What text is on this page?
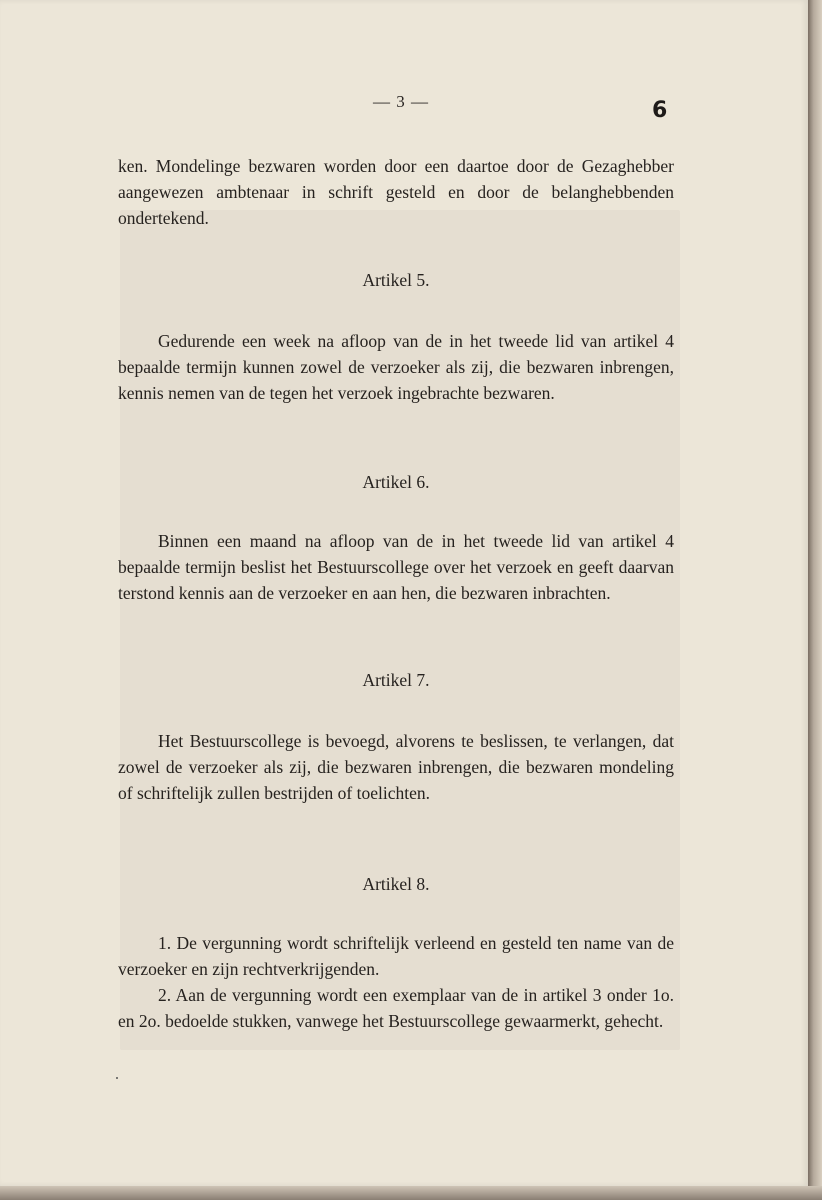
— 3 —	6

ken. Mondelinge bezwaren worden door een daartoe door de Gezaghebber aangewezen ambtenaar in schrift gesteld en door de belanghebbenden ondertekend.

Artikel 5.

Gedurende een week na afloop van de in het tweede lid van artikel 4 bepaalde termijn kunnen zowel de verzoeker als zij, die bezwaren inbrengen, kennis nemen van de tegen het verzoek ingebrachte bezwaren.

Artikel 6.

Binnen een maand na afloop van de in het tweede lid van artikel 4 bepaalde termijn beslist het Bestuurscollege over het verzoek en geeft daarvan terstond kennis aan de verzoeker en aan hen, die bezwaren inbrachten.

Artikel 7.

Het Bestuurscollege is bevoegd, alvorens te beslissen, te verlangen, dat zowel de verzoeker als zij, die bezwaren inbrengen, die bezwaren mondeling of schriftelijk zullen bestrijden of toelichten.

Artikel 8.

1. De vergunning wordt schriftelijk verleend en gesteld ten name van de verzoeker en zijn rechtverkrijgenden.

2. Aan de vergunning wordt een exemplaar van de in artikel 3 onder 1o. en 2o. bedoelde stukken, vanwege het Bestuurscollege gewaarmerkt, gehecht.
